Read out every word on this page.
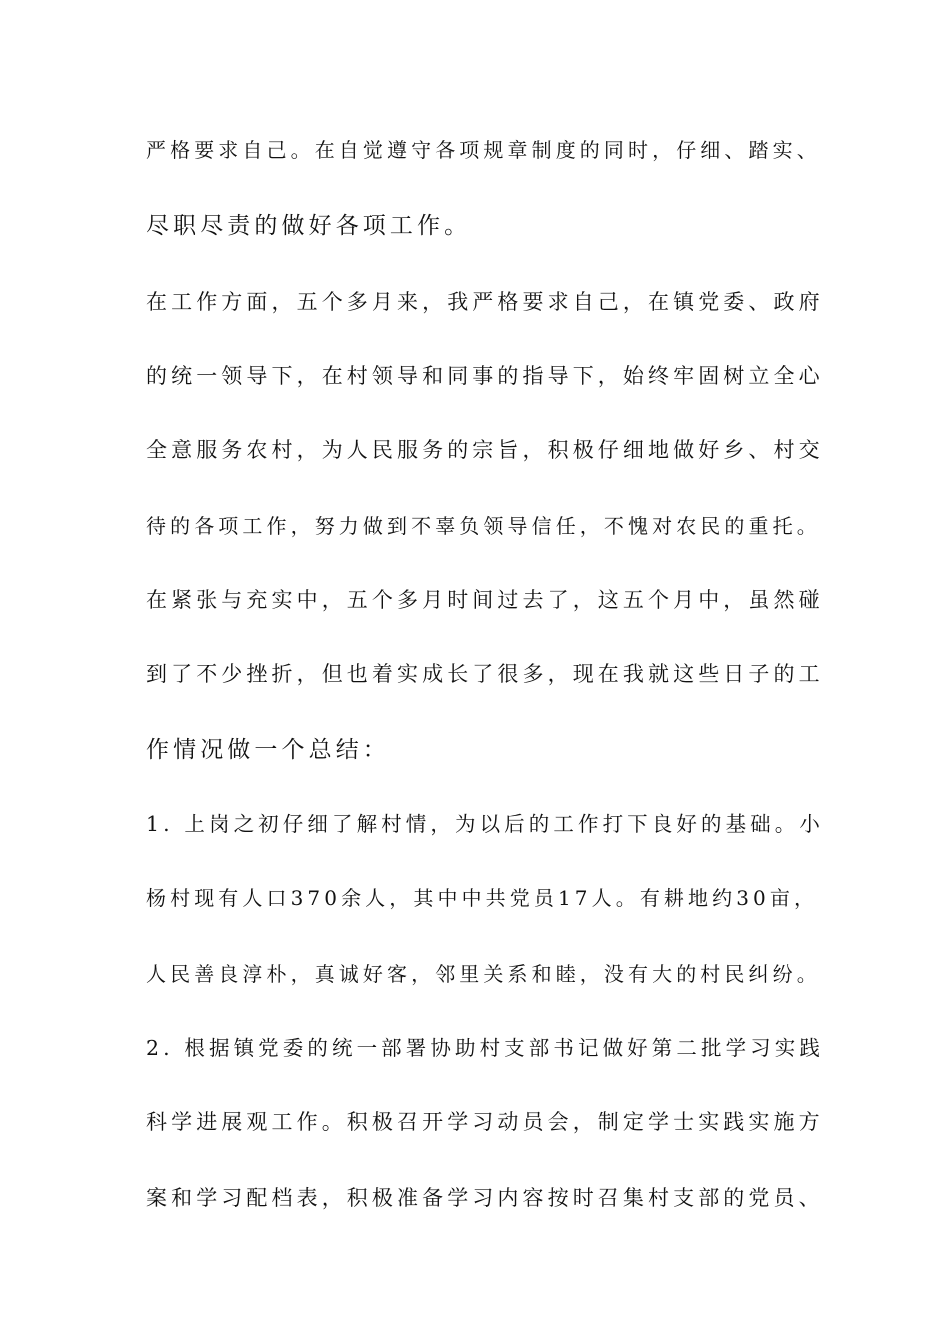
严格要求自己。在自觉遵守各项规章制度的同时，仔细、踏实、
尽职尽责的做好各项工作。
在工作方面，五个多月来，我严格要求自己，在镇党委、政府
的统一领导下，在村领导和同事的指导下，始终牢固树立全心
全意服务农村，为人民服务的宗旨，积极仔细地做好乡、村交
待的各项工作，努力做到不辜负领导信任，不愧对农民的重托。
在紧张与充实中，五个多月时间过去了，这五个月中，虽然碰
到了不少挫折，但也着实成长了很多，现在我就这些日子的工
作情况做一个总结：
1. 上岗之初仔细了解村情，为以后的工作打下良好的基础。小
杨村现有人口370余人，其中中共党员17人。有耕地约30亩，
人民善良淳朴，真诚好客，邻里关系和睦，没有大的村民纠纷。
2. 根据镇党委的统一部署协助村支部书记做好第二批学习实践
科学进展观工作。积极召开学习动员会，制定学士实践实施方
案和学习配档表，积极准备学习内容按时召集村支部的党员、
